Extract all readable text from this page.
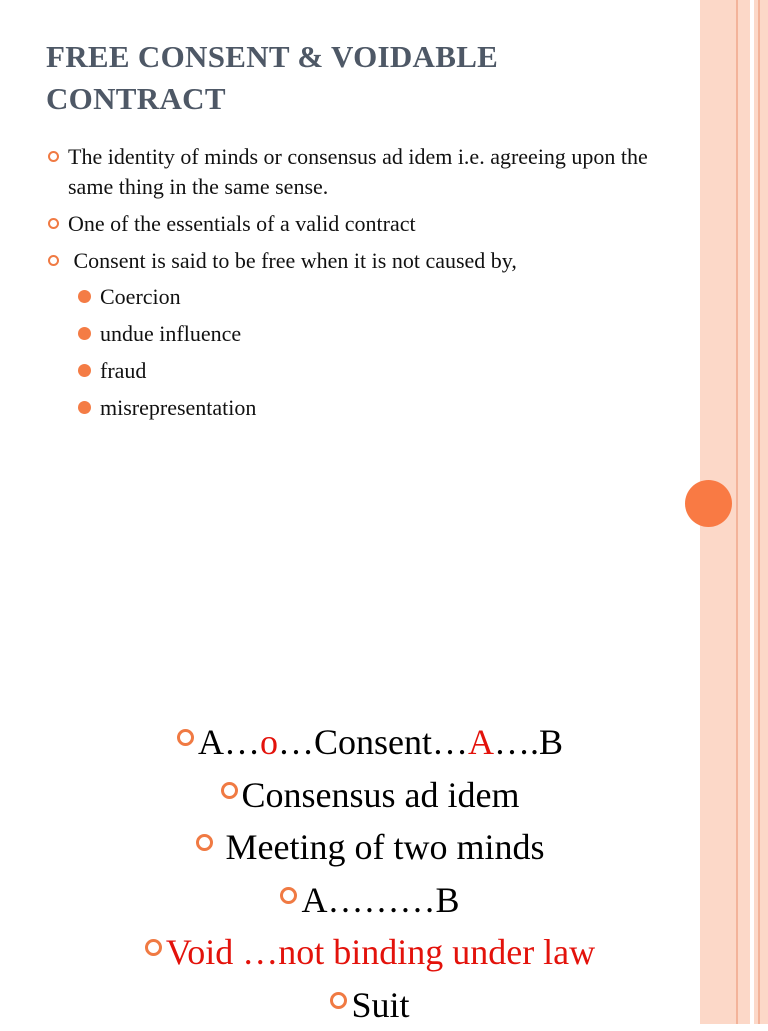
FREE CONSENT & VOIDABLE
CONTRACT
The identity of minds or consensus ad idem i.e. agreeing upon the same thing in the same sense.
One of the essentials of a valid contract
Consent is said to be free when it is not caused by,
Coercion
undue influence
fraud
misrepresentation
A…o…Consent…A….B
Consensus ad idem
Meeting of two minds
A………B
Void …not binding under law
Suit
